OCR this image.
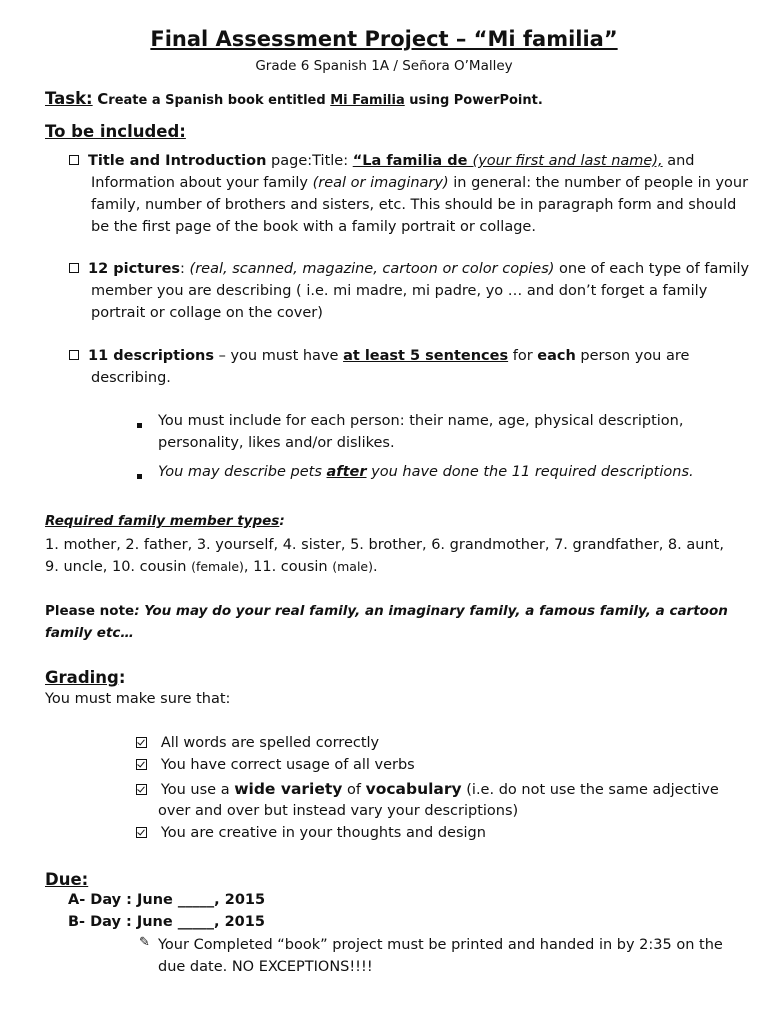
Final Assessment Project – “Mi familia”
Grade 6 Spanish 1A / Señora O’Malley
Task: Create a Spanish book entitled Mi Familia using PowerPoint.
To be included:
Title and Introduction page:Title: “La familia de (your first and last name), and
Information about your family (real or imaginary) in general: the number of people in your
family, number of brothers and sisters, etc. This should be in paragraph form and should
be the first page of the book with a family portrait or collage.
12 pictures: (real, scanned, magazine, cartoon or color copies) one of each type of family
member you are describing ( i.e. mi madre, mi padre, yo … and don’t forget a family
portrait or collage on the cover)
11 descriptions – you must have at least 5 sentences for each person you are
describing.
You must include for each person: their name, age, physical description,
personality, likes and/or dislikes.
You may describe pets after you have done the 11 required descriptions.
Required family member types:
1. mother, 2. father, 3. yourself, 4. sister, 5. brother, 6. grandmother, 7. grandfather, 8. aunt,
9. uncle, 10. cousin (female), 11. cousin (male).
Please note: You may do your real family, an imaginary family, a famous family, a cartoon
family etc…
Grading:
You must make sure that:
All words are spelled correctly
You have correct usage of all verbs
You use a wide variety of vocabulary (i.e. do not use the same adjective
over and over but instead vary your descriptions)
You are creative in your thoughts and design
Due:
A- Day : June _____, 2015
B- Day : June _____, 2015
✎ Your Completed “book” project must be printed and handed in by 2:35 on the
due date. NO EXCEPTIONS!!!!
